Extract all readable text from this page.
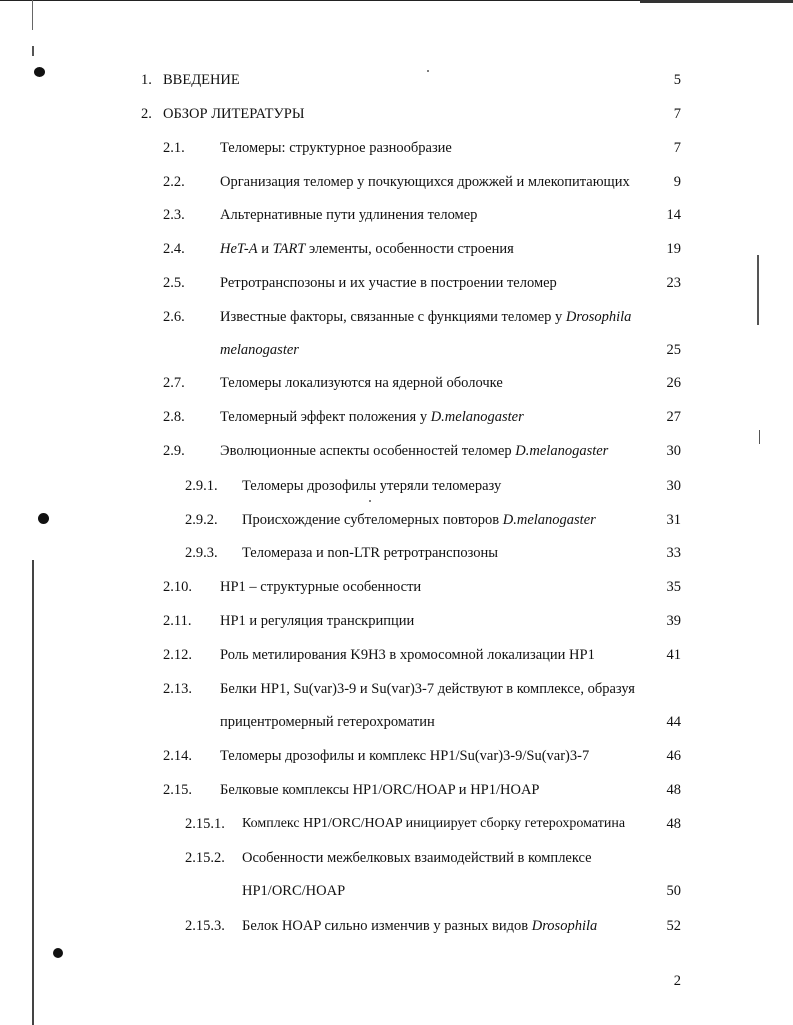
1. ВВЕДЕНИЕ	5
2. ОБЗОР ЛИТЕРАТУРЫ	7
2.1. Теломеры: структурное разнообразие	7
2.2. Организация теломер у почкующихся дрожжей и млекопитающих	9
2.3. Альтернативные пути удлинения теломер	14
2.4. HeT-A и TART элементы, особенности строения	19
2.5. Ретротранспозоны и их участие в построении теломер	23
2.6. Известные факторы, связанные с функциями теломер у Drosophila
melanogaster	25
2.7. Теломеры локализуются на ядерной оболочке	26
2.8. Теломерный эффект положения у D.melanogaster	27
2.9. Эволюционные аспекты особенностей теломер D.melanogaster	30
2.9.1. Теломеры дрозофилы утеряли теломеразу	30
2.9.2. Происхождение субтеломерных повторов D.melanogaster	31
2.9.3. Теломераза и non-LTR ретротранспозоны	33
2.10. HP1 – структурные особенности	35
2.11. HP1 и регуляция транскрипции	39
2.12. Роль метилирования K9H3 в хромосомной локализации HP1	41
2.13. Белки HP1, Su(var)3-9 и Su(var)3-7 действуют в комплексе, образуя
прицентромерный гетерохроматин	44
2.14. Теломеры дрозофилы и комплекс HP1/Su(var)3-9/Su(var)3-7	46
2.15. Белковые комплексы HP1/ORC/HOAP и HP1/HOAP	48
2.15.1. Комплекс HP1/ORC/HOAP инициирует сборку гетерохроматина	48
2.15.2. Особенности межбелковых взаимодействий в комплексе
HP1/ORC/HOAP	50
2.15.3. Белок HOAP сильно изменчив у разных видов Drosophila	52
2
